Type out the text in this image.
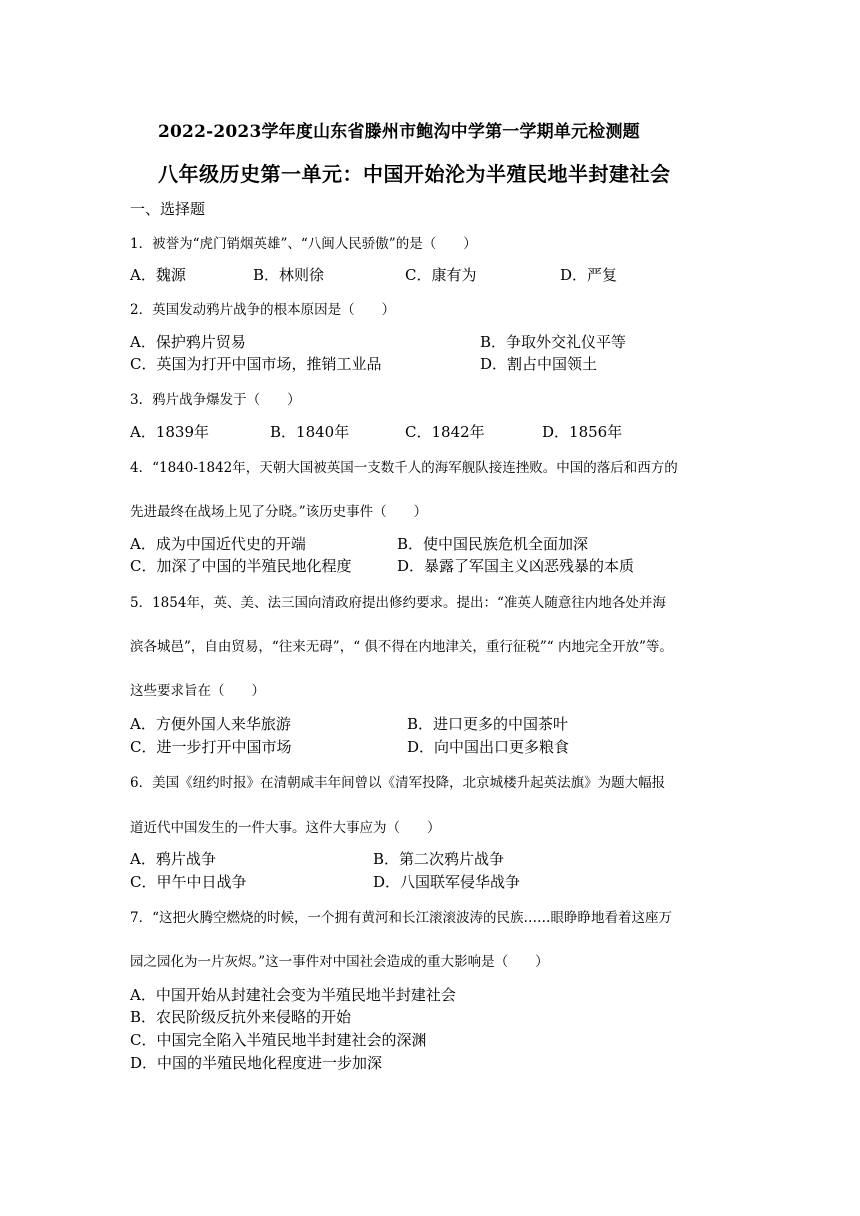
2022-2023学年度山东省滕州市鲍沟中学第一学期单元检测题
八年级历史第一单元：中国开始沦为半殖民地半封建社会
一、选择题
1．被誉为“虎门销烟英雄”、“八闽人民骄傲”的是（　　）
A．魏源	B．林则徐	C．康有为	D．严复
2．英国发动鸦片战争的根本原因是（　　）
A．保护鸦片贸易	B．争取外交礼仪平等
C．英国为打开中国市场，推销工业品	D．割占中国领土
3．鸦片战争爆发于（　　）
A．1839年	B．1840年	C．1842年	D．1856年
4．“1840-1842年，天朝大国被英国一支数千人的海军舰队接连挫败。中国的落后和西方的
先进最终在战场上见了分晓。”该历史事件（　　）
A．成为中国近代史的开端	B．使中国民族危机全面加深
C．加深了中国的半殖民地化程度	D．暴露了军国主义凶恶残暴的本质
5．1854年，英、美、法三国向清政府提出修约要求。提出：“准英人随意往内地各处并海
滨各城邑”，自由贸易，“往来无碍”，“ 俱不得在内地津关，重行征税”“ 内地完全开放”等。
这些要求旨在（　　）
A．方便外国人来华旅游	B．进口更多的中国茶叶
C．进一步打开中国市场	D．向中国出口更多粮食
6．美国《纽约时报》在清朝咸丰年间曾以《清军投降，北京城楼升起英法旗》为题大幅报
道近代中国发生的一件大事。这件大事应为（　　）
A．鸦片战争	B．第二次鸦片战争
C．甲午中日战争	D．八国联军侵华战争
7．“这把火腾空燃烧的时候，一个拥有黄河和长江滚滚波涛的民族……眼睁睁地看着这座万
园之园化为一片灰烬。”这一事件对中国社会造成的重大影响是（　　）
A．中国开始从封建社会变为半殖民地半封建社会
B．农民阶级反抗外来侵略的开始
C．中国完全陷入半殖民地半封建社会的深渊
D．中国的半殖民地化程度进一步加深
